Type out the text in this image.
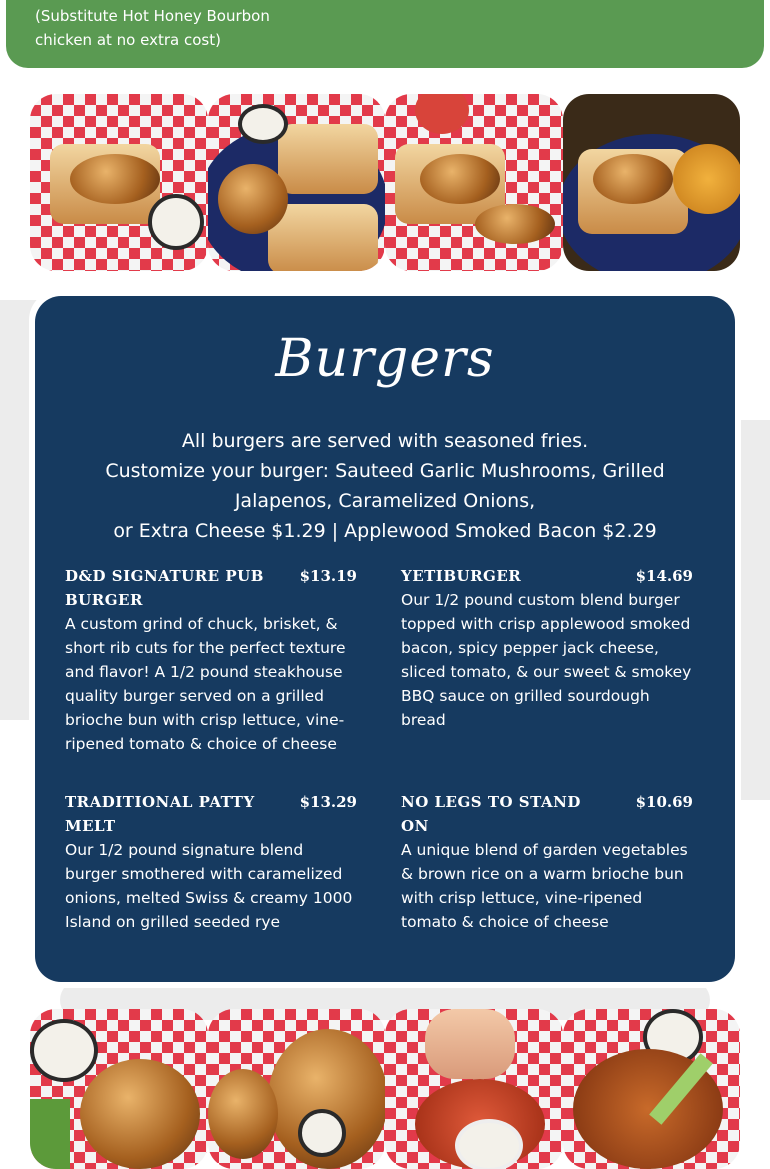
(Substitute Hot Honey Bourbon
chicken at no extra cost)
Burgers
All burgers are served with seasoned fries.
Customize your burger: Sauteed Garlic Mushrooms, Grilled
Jalapenos, Caramelized Onions,
or Extra Cheese $1.29 | Applewood Smoked Bacon $2.29
D&D SIGNATURE PUB BURGER
$13.19
A custom grind of chuck, brisket, & short rib cuts for the perfect texture and flavor! A 1/2 pound steakhouse quality burger served on a grilled brioche bun with crisp lettuce, vine-ripened tomato & choice of cheese
YETIBURGER	$14.69
Our 1/2 pound custom blend burger topped with crisp applewood smoked bacon, spicy pepper jack cheese, sliced tomato, & our sweet & smokey BBQ sauce on grilled sourdough bread
TRADITIONAL PATTY MELT
$13.29
Our 1/2 pound signature blend burger smothered with caramelized onions, melted Swiss & creamy 1000 Island on grilled seeded rye
NO LEGS TO STAND ON
$10.69
A unique blend of garden vegetables & brown rice on a warm brioche bun with crisp lettuce, vine-ripened tomato & choice of cheese
